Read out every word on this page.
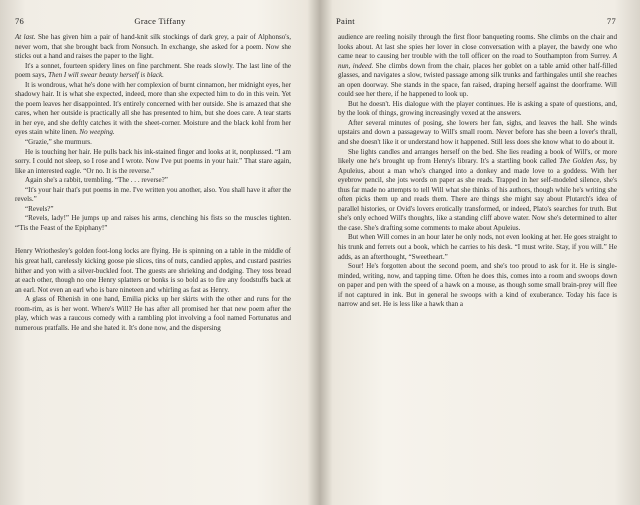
76	Grace Tiffany

At last. She has given him a pair of hand-knit silk stockings of dark grey, a pair of Alphonso's, never worn, that she brought back from Nonsuch. In exchange, she asked for a poem. Now she sticks out a hand and raises the paper to the light.

It's a sonnet, fourteen spidery lines on fine parchment. She reads slowly. The last line of the poem says, Then I will swear beauty herself is black.

It is wondrous, what he's done with her complexion of burnt cinnamon, her midnight eyes, her shadowy hair. It is what she expected, indeed, more than she expected him to do in this vein. Yet the poem leaves her disappointed. It's entirely concerned with her outside. She is amazed that she cares, when her outside is practically all she has presented to him, but she does care. A tear starts in her eye, and she deftly catches it with the sheet-corner. Moisture and the black kohl from her eyes stain white linen. No weeping.

“Grazie,” she murmurs.

He is touching her hair. He pulls back his ink-stained finger and looks at it, nonplussed. “I am sorry. I could not sleep, so I rose and I wrote. Now I've put poems in your hair.” That stare again, like an interested eagle. “Or no. It is the reverse.”

Again she's a rabbit, trembling. “The . . . reverse?”

“It's your hair that's put poems in me. I've written you another, also. You shall have it after the revels.”

“Revels?”

“Revels, lady!” He jumps up and raises his arms, clenching his fists so the muscles tighten. “'Tis the Feast of the Epiphany!”

Henry Wriothesley's golden foot-long locks are flying. He is spinning on a table in the middle of his great hall, carelessly kicking goose pie slices, tins of nuts, candied apples, and custard pastries hither and yon with a silver-buckled foot. The guests are shrieking and dodging. They toss bread at each other, though no one Henry splatters or bonks is so bold as to fire any foodstuffs back at an earl. Not even an earl who is bare nineteen and whirling as fast as Henry.

A glass of Rhenish in one hand, Emilia picks up her skirts with the other and runs for the room-rim, as is her wont. Where's Will? He has after all promised her that new poem after the play, which was a raucous comedy with a rambling plot involving a fool named Fortunatus and numerous pratfalls. He and she hated it. It's done now, and the dispersing

Paint	77

audience are reeling noisily through the first floor banqueting rooms. She climbs on the chair and looks about. At last she spies her lover in close conversation with a player, the bawdy one who came near to causing her trouble with the toll officer on the road to Southampton from Surrey. A nun, indeed. She climbs down from the chair, places her goblet on a table amid other half-filled glasses, and navigates a slow, twisted passage among silk trunks and farthingales until she reaches an open doorway. She stands in the space, fan raised, draping herself against the doorframe. Will could see her there, if he happened to look up.

But he doesn't. His dialogue with the player continues. He is asking a spate of questions, and, by the look of things, growing increasingly vexed at the answers.

After several minutes of posing, she lowers her fan, sighs, and leaves the hall. She winds upstairs and down a passageway to Will's small room. Never before has she been a lover's thrall, and she doesn't like it or understand how it happened. Still less does she know what to do about it.

She lights candles and arranges herself on the bed. She lies reading a book of Will's, or more likely one he's brought up from Henry's library. It's a startling book called The Golden Ass, by Apuleius, about a man who's changed into a donkey and made love to a goddess. With her eyebrow pencil, she jots words on paper as she reads. Trapped in her self-modeled silence, she's thus far made no attempts to tell Will what she thinks of his authors, though while he's writing she often picks them up and reads them. There are things she might say about Plutarch's idea of parallel histories, or Ovid's lovers erotically transformed, or indeed, Plato's searches for truth. But she's only echoed Will's thoughts, like a standing cliff above water. Now she's determined to alter the case. She's drafting some comments to make about Apuleius.

But when Will comes in an hour later he only nods, not even looking at her. He goes straight to his trunk and ferrets out a book, which he carries to his desk. “I must write. Stay, if you will.” He adds, as an afterthought, “Sweetheart.”

Sour! He's forgotten about the second poem, and she's too proud to ask for it. He is single-minded, writing, now, and tapping time. Often he does this, comes into a room and swoops down on paper and pen with the speed of a hawk on a mouse, as though some small brain-prey will flee if not captured in ink. But in general he swoops with a kind of exuberance. Today his face is narrow and set. He is less like a hawk than a
